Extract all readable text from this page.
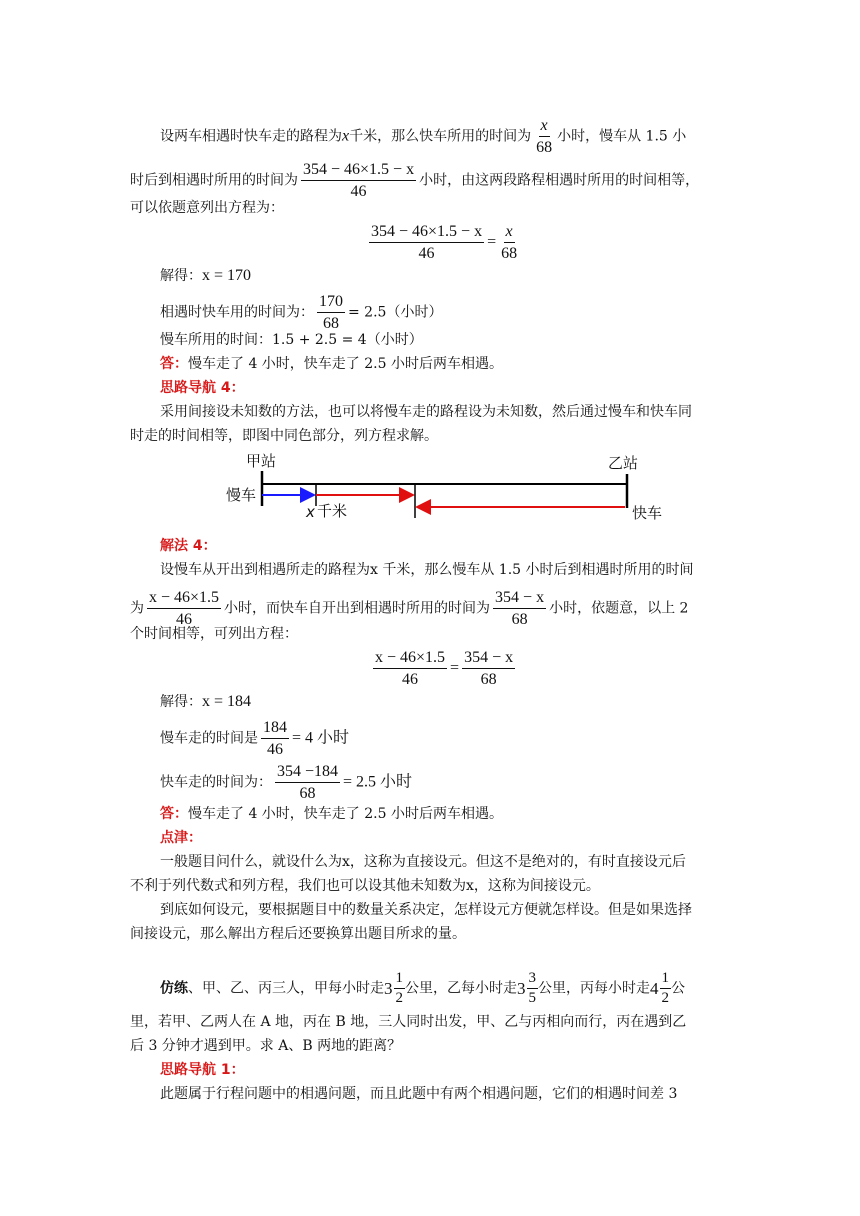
设两车相遇时快车走的路程为x千米，那么快车所用的时间为 $\frac{x}{68}$ 小时，慢车从 1.5 小
时后到相遇时所用的时间为 $\frac{354 - 46\times 1.5 - x}{46}$ 小时，由这两段路程相遇时所用的时间相等，
可以依题意列出方程为：
$\frac{354 - 46\times 1.5 - x}{46} = \frac{x}{68}$
解得：x = 170
相遇时快车用的时间为： $\frac{170}{68} = 2.5$（小时）
慢车所用的时间：1.5 + 2.5 = 4（小时）
答：慢车走了 4 小时，快车走了 2.5 小时后两车相遇。
思路导航 4：
采用间接设未知数的方法，也可以将慢车走的路程设为未知数，然后通过慢车和快车同
时走的时间相等，即图中同色部分，列方程求解。
甲站	乙站
慢车
x 千米	快车
解法 4：
设慢车从开出到相遇所走的路程为x 千米，那么慢车从 1.5 小时后到相遇时所用的时间
为 $\frac{x - 46\times 1.5}{46}$ 小时，而快车自开出到相遇时所用的时间为 $\frac{354 - x}{68}$ 小时，依题意，以上 2
个时间相等，可列出方程：
$\frac{x - 46\times 1.5}{46} = \frac{354 - x}{68}$
解得：x = 184
慢车走的时间是 $\frac{184}{46} = 4$ 小时
快车走的时间为： $\frac{354 -184}{68} = 2.5$ 小时
答：慢车走了 4 小时，快车走了 2.5 小时后两车相遇。
点津：
一般题目问什么，就设什么为x，这称为直接设元。但这不是绝对的，有时直接设元后
不利于列代数式和列方程，我们也可以设其他未知数为x，这称为间接设元。
到底如何设元，要根据题目中的数量关系决定，怎样设元方便就怎样设。但是如果选择
间接设元，那么解出方程后还要换算出题目所求的量。
仿练、甲、乙、丙三人，甲每小时走 $3 \frac{1}{2}$ 公里，乙每小时走 $3 \frac{3}{5}$ 公里，丙每小时走 $4 \frac{1}{2}$ 公
里，若甲、乙两人在 A 地，丙在 B 地，三人同时出发，甲、乙与丙相向而行，丙在遇到乙
后 3 分钟才遇到甲。求 A、B 两地的距离？
思路导航 1：
此题属于行程问题中的相遇问题，而且此题中有两个相遇问题，它们的相遇时间差 3
